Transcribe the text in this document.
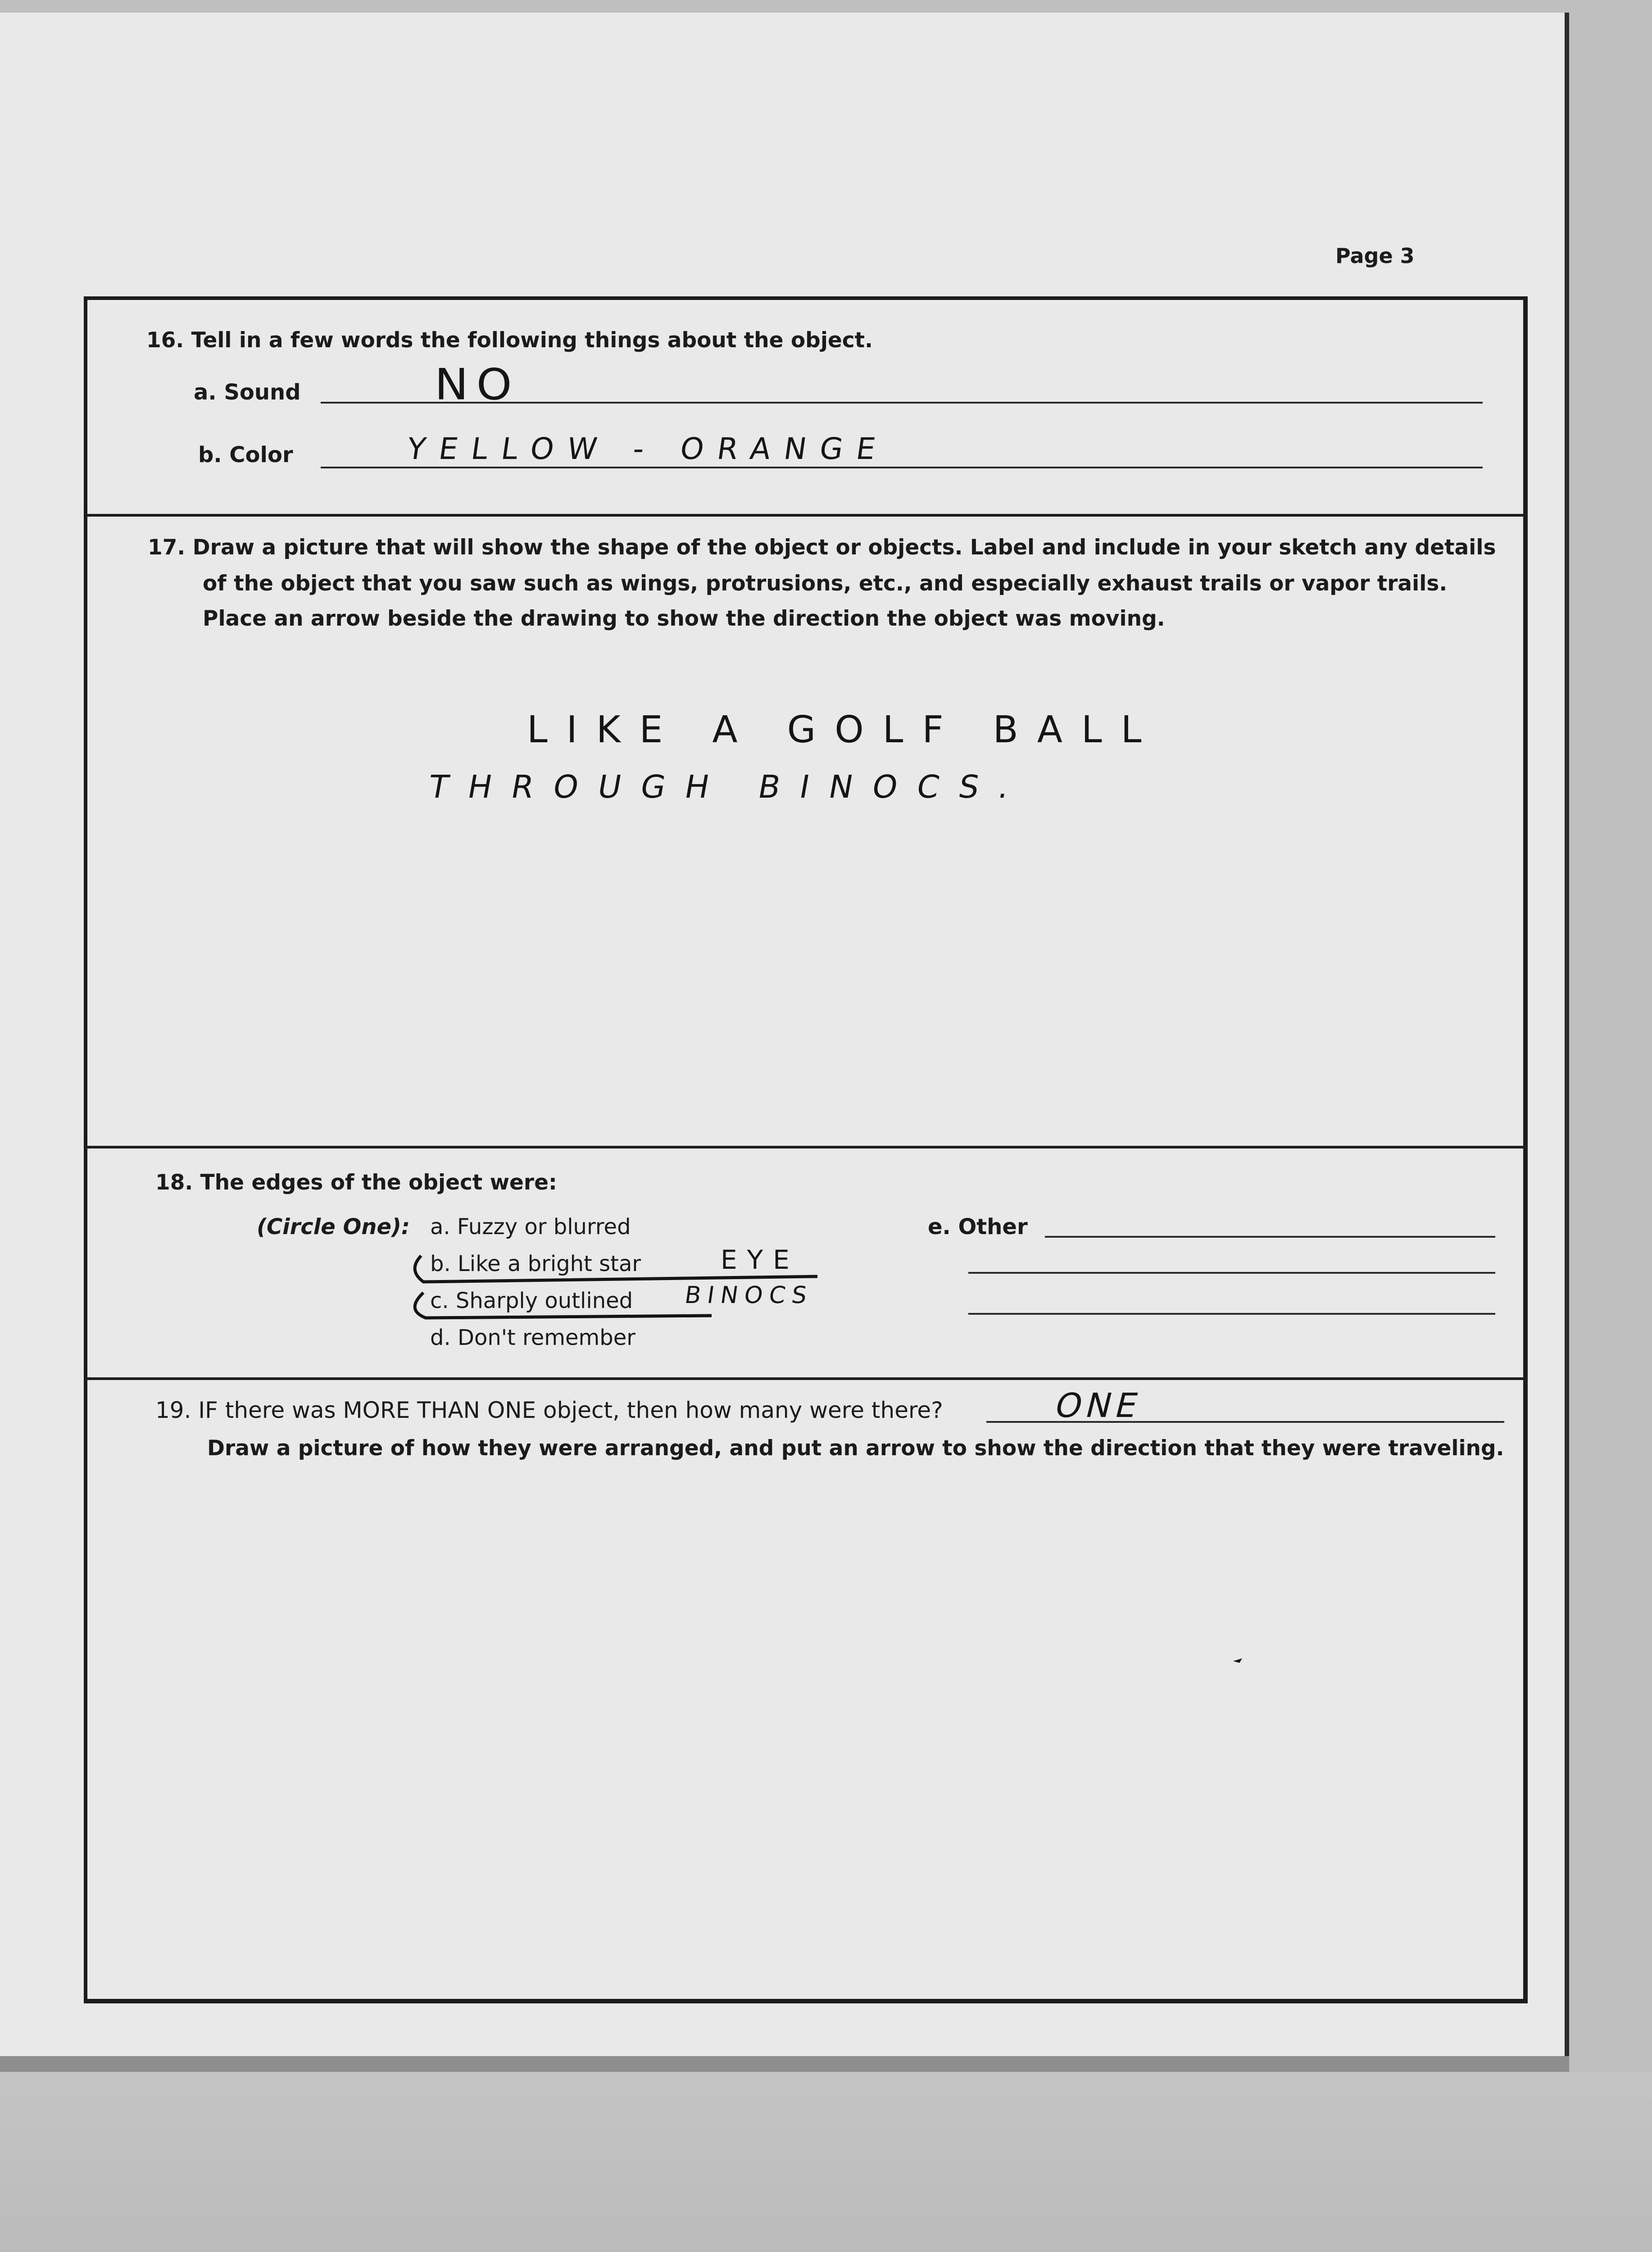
Page 3
16. Tell in a few words the following things about the object.
a. Sound	NO
b. Color	YELLOW - ORANGE
17. Draw a picture that will show the shape of the object or objects. Label and include in your sketch any details
of the object that you saw such as wings, protrusions, etc., and especially exhaust trails or vapor trails.
Place an arrow beside the drawing to show the direction the object was moving.
LIKE A GOLF BALL
THROUGH BINOCS.
18. The edges of the object were:
(Circle One): a. Fuzzy or blurred
b. Like a bright star
c. Sharply outlined
d. Don't remember
EYE
BINOCS
e. Other
19. IF there was MORE THAN ONE object, then how many were there?	ONE
Draw a picture of how they were arranged, and put an arrow to show the direction that they were traveling.
